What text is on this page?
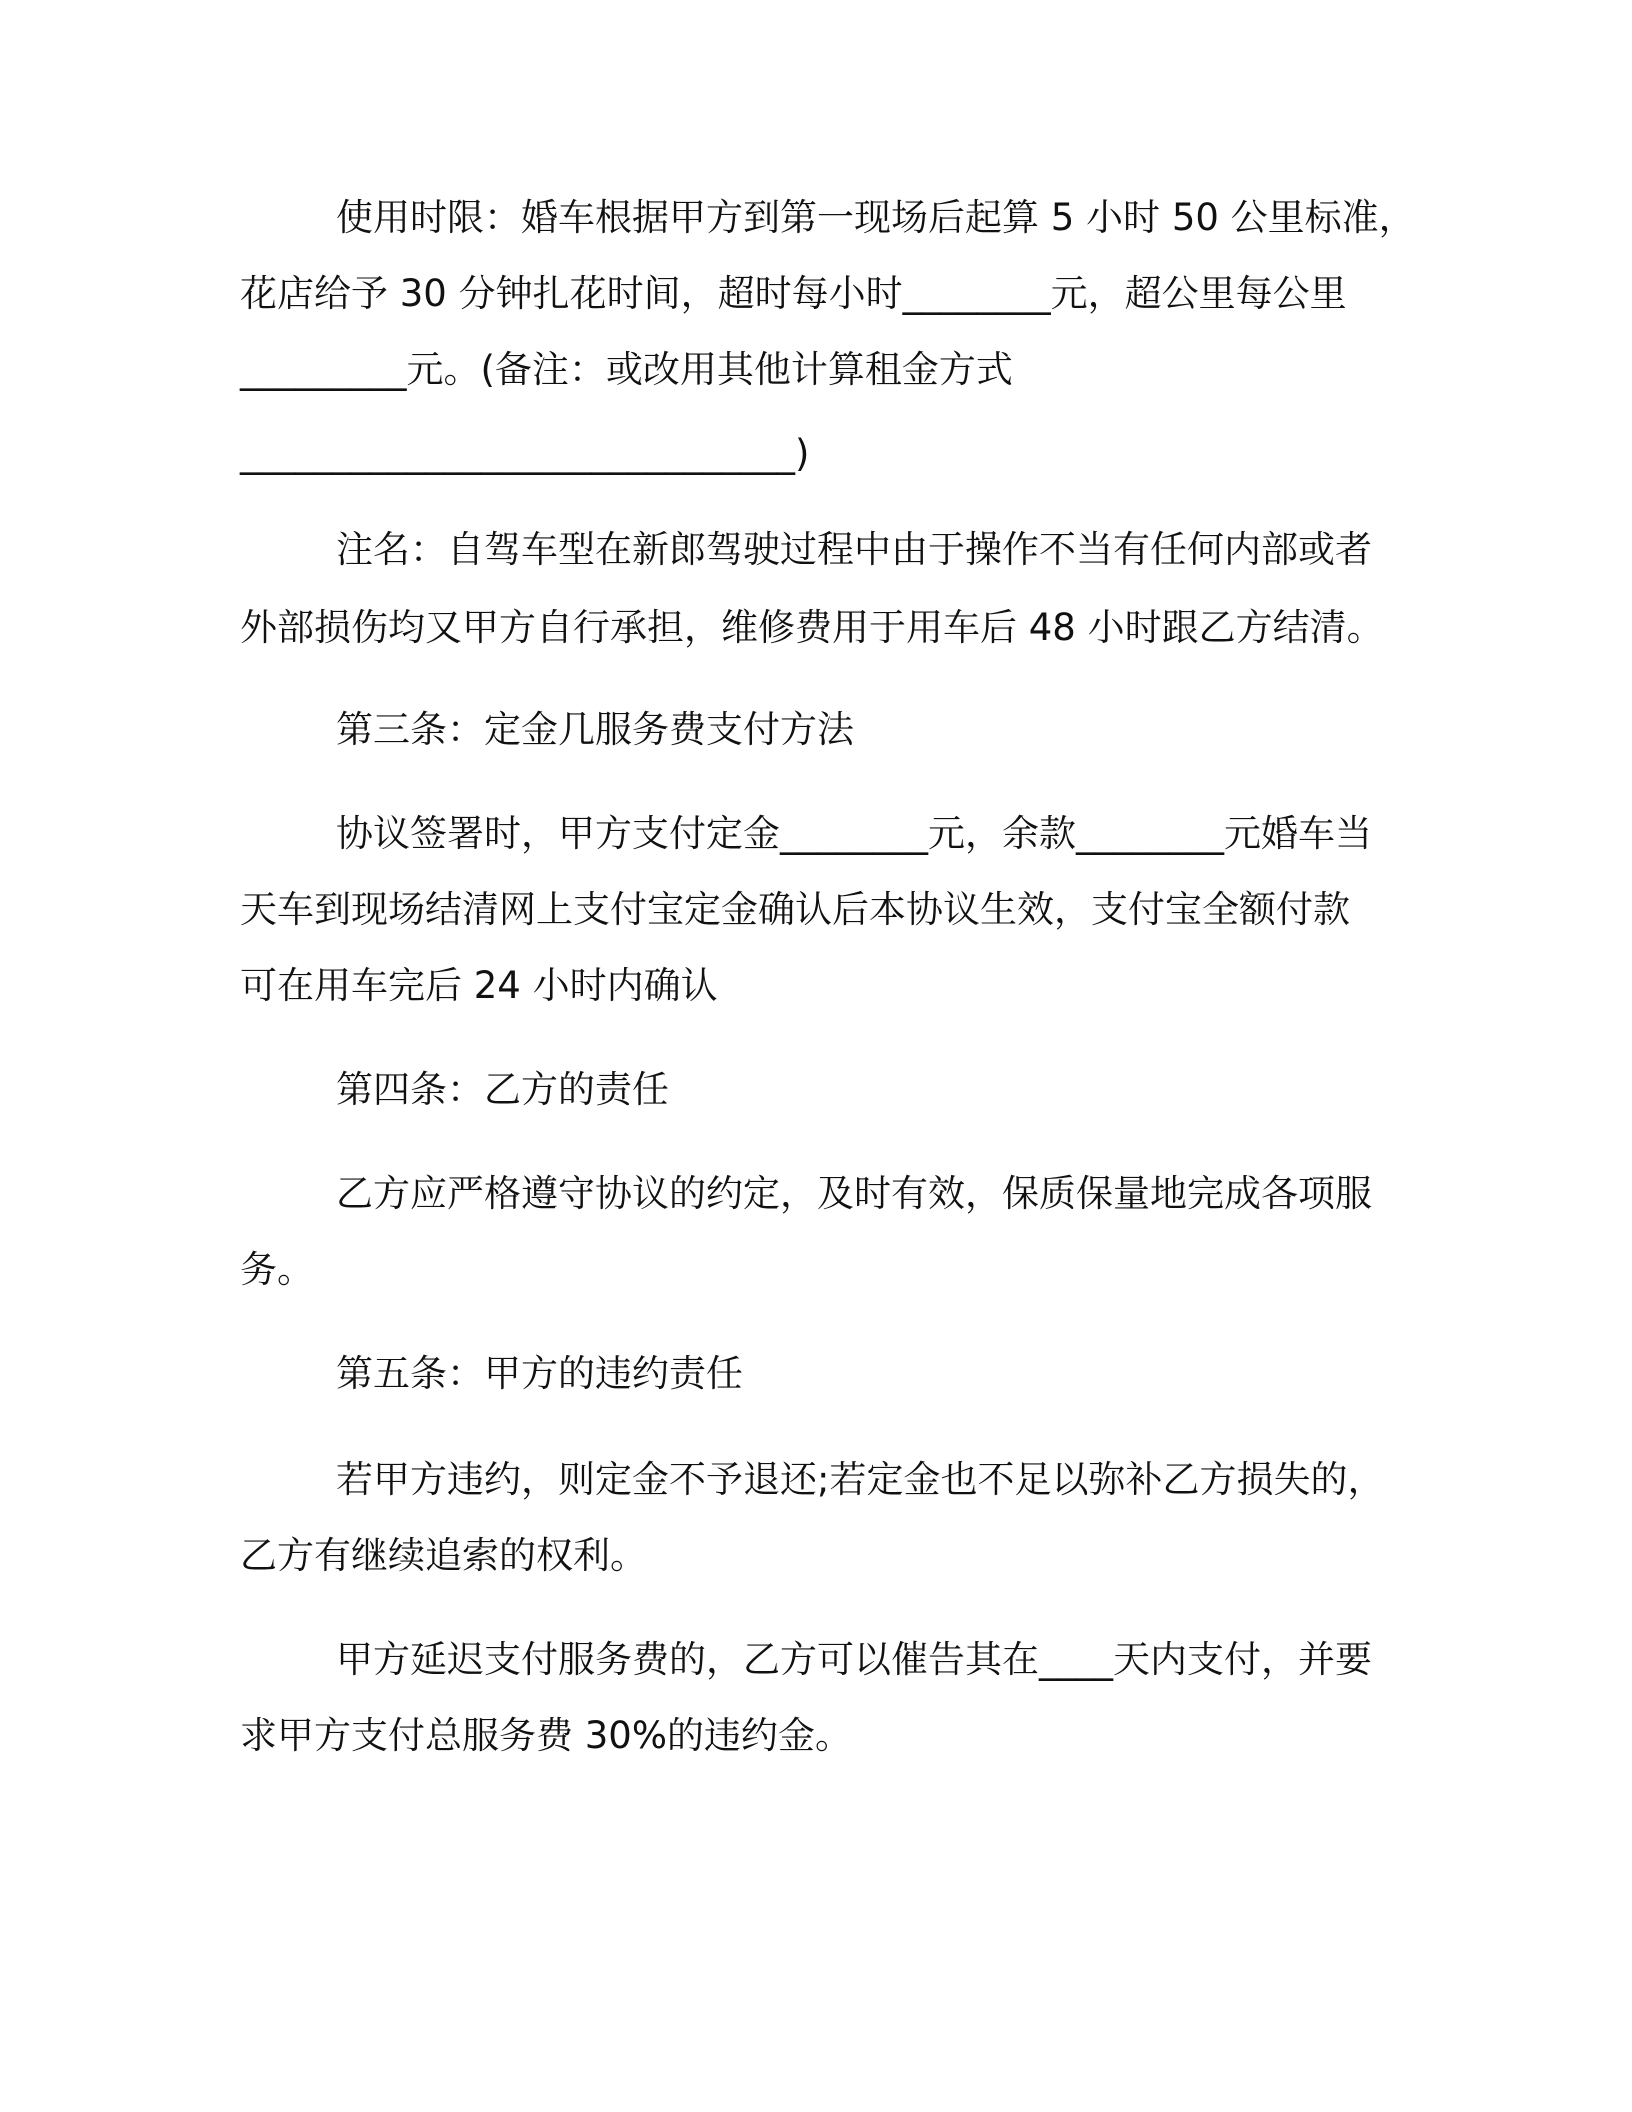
使用时限：婚车根据甲方到第一现场后起算 5 小时 50 公里标准，
花店给予 30 分钟扎花时间，超时每小时________元，超公里每公里
_________元。(备注：或改用其他计算租金方式
______________________________)
注名：自驾车型在新郎驾驶过程中由于操作不当有任何内部或者
外部损伤均又甲方自行承担，维修费用于用车后 48 小时跟乙方结清。
第三条：定金几服务费支付方法
协议签署时，甲方支付定金________元，余款________元婚车当
天车到现场结清网上支付宝定金确认后本协议生效，支付宝全额付款
可在用车完后 24 小时内确认
第四条：乙方的责任
乙方应严格遵守协议的约定，及时有效，保质保量地完成各项服
务。
第五条：甲方的违约责任
若甲方违约，则定金不予退还;若定金也不足以弥补乙方损失的，
乙方有继续追索的权利。
甲方延迟支付服务费的，乙方可以催告其在____天内支付，并要
求甲方支付总服务费 30%的违约金。
